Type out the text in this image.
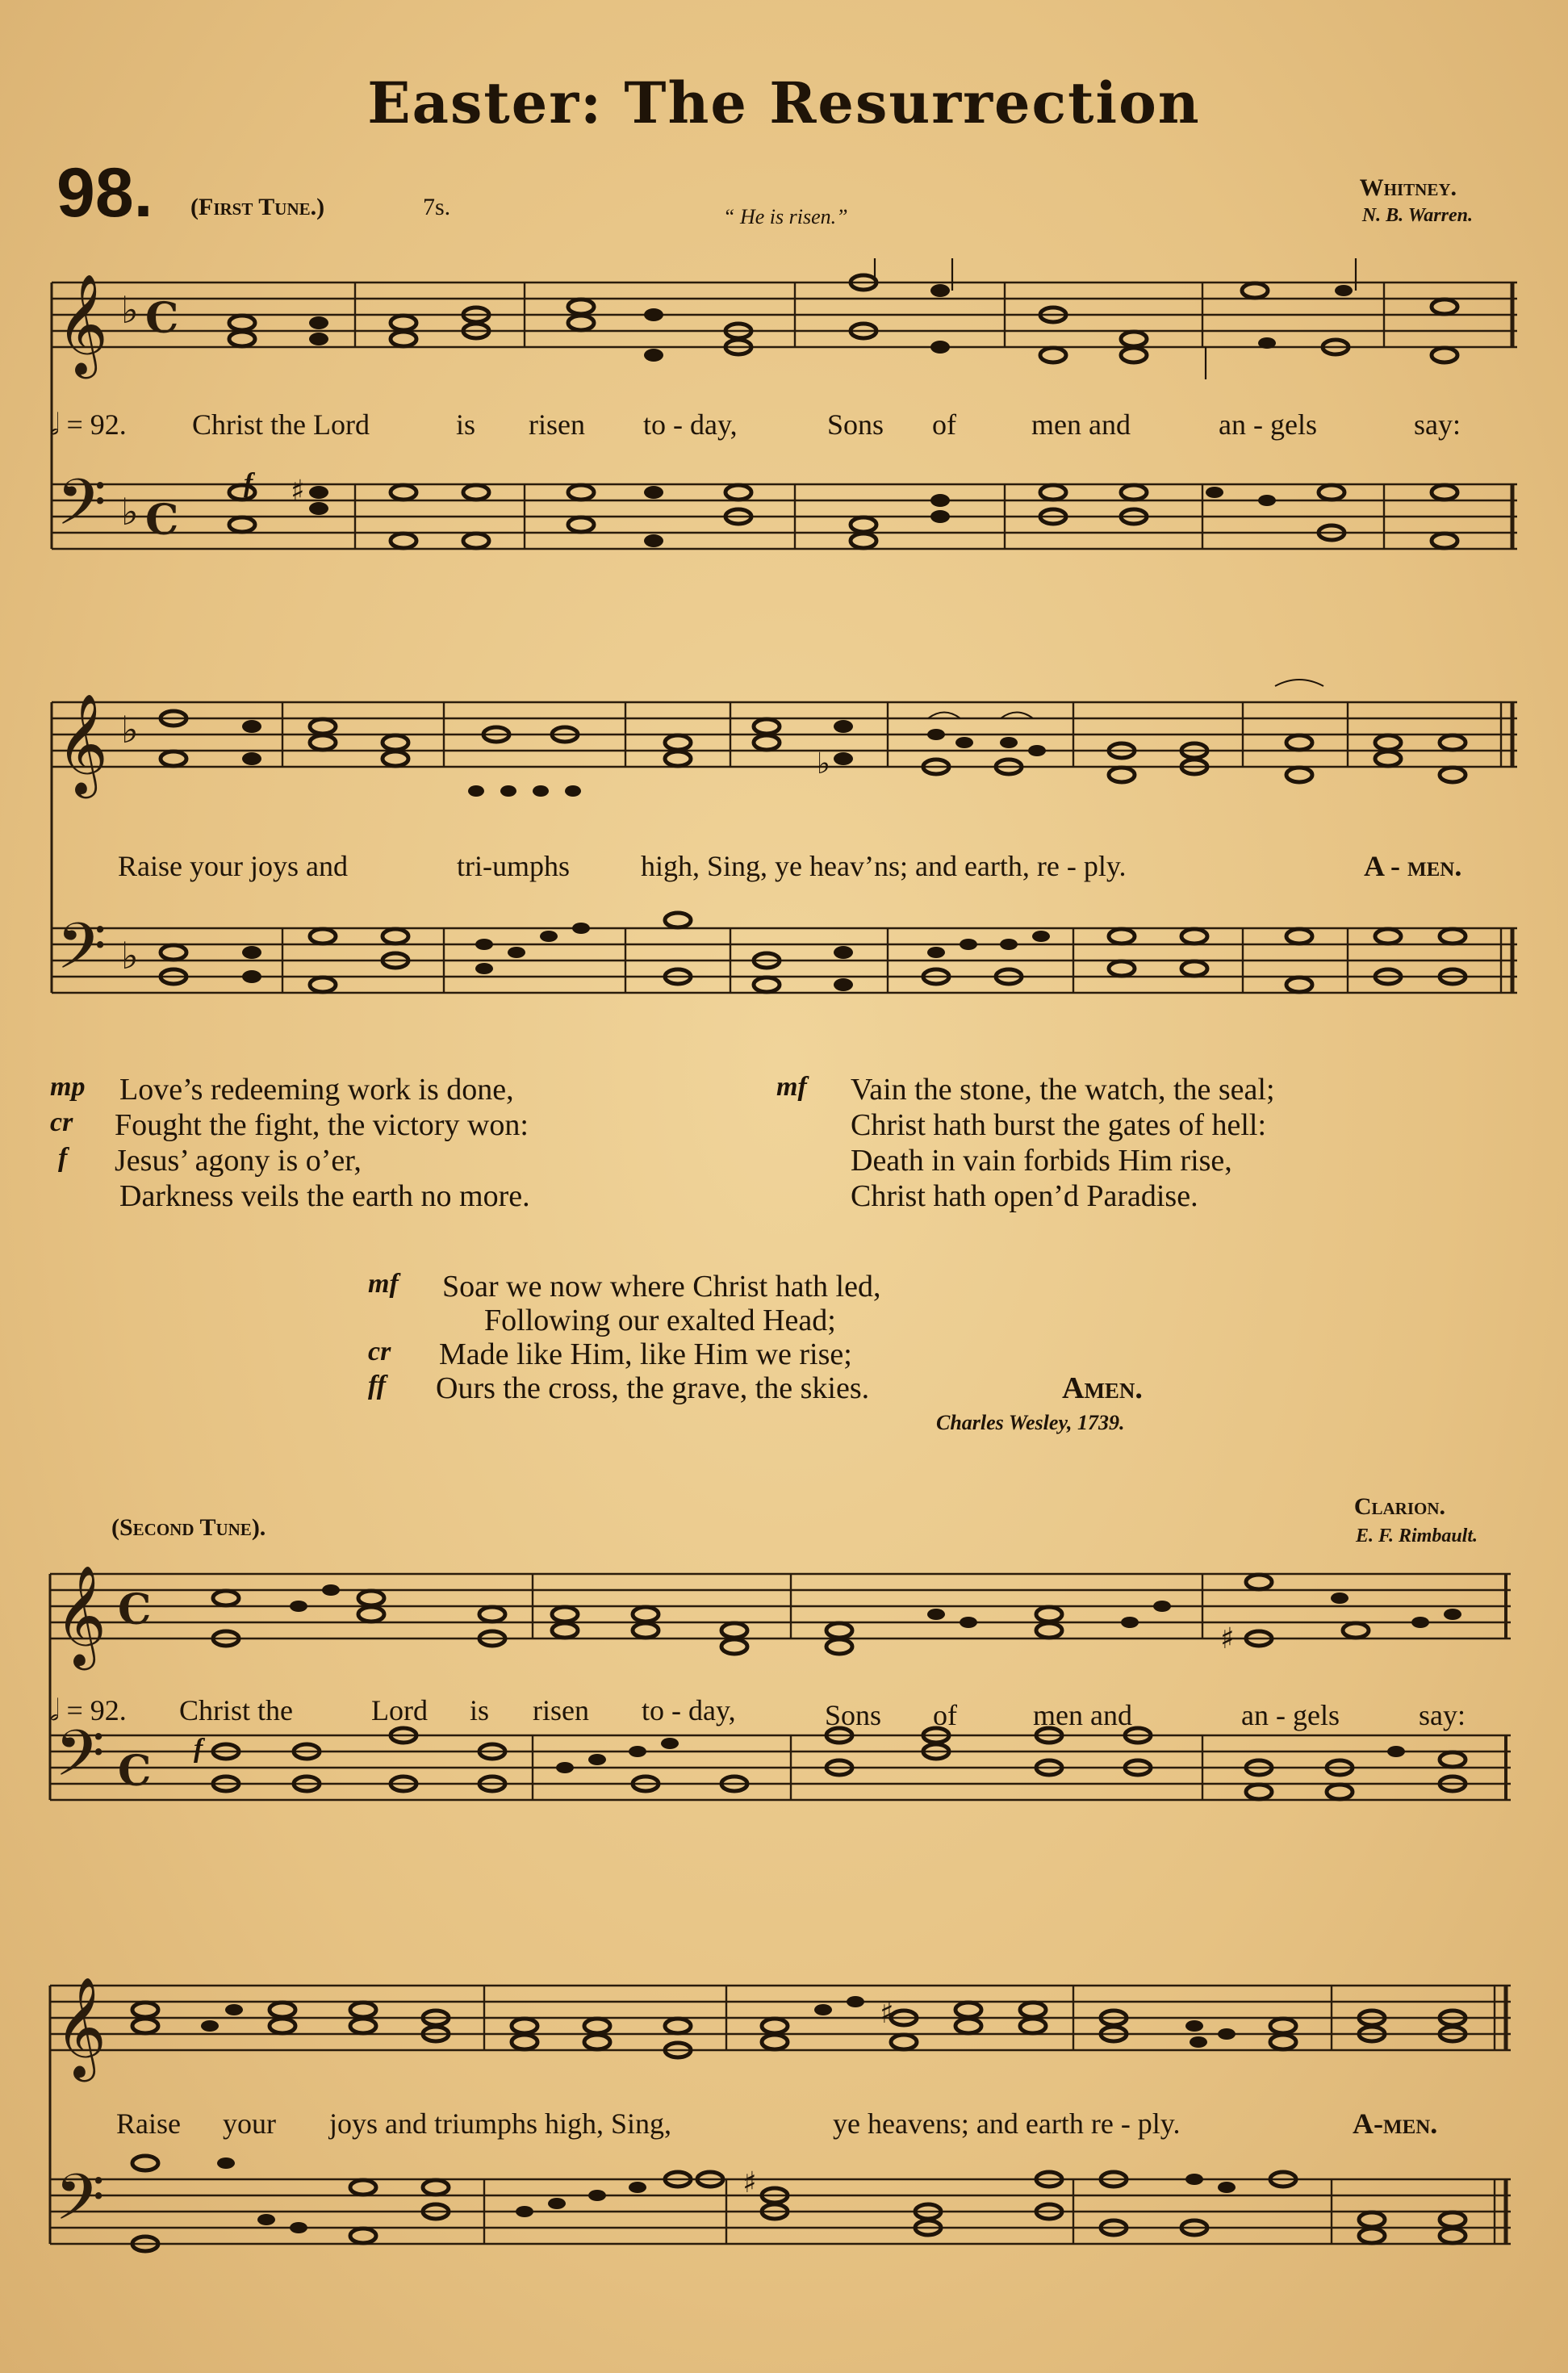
Easter: The Resurrection
98. (First Tune.)	7s.	“ He is risen.”
Whitney.
N. B. Warren.
𝄞
𝄢
♭
♭
C
C
♯
𝅗𝅥 = 92.
f
Christ the Lord	is risen to - day,	Sons of	men and	an - gels	say:
𝄞
𝄢
♭
♭
♭
Raise your joys and	tri-umphs high, Sing, ye heav’ns; and earth, re - ply.	A - men.
mp	Love’s redeeming work is done,
cr	Fought the fight, the victory won:
f	Jesus’ agony is o’er,
Darkness veils the earth no more.
mf	Vain the stone, the watch, the seal;
Christ hath burst the gates of hell:
Death in vain forbids Him rise,
Christ hath open’d Paradise.
mf	Soar we now where Christ hath led,
Following our exalted Head;
cr	Made like Him, like Him we rise;
ff	Ours the cross, the grave, the skies.	Amen.
Charles Wesley, 1739.
(Second Tune).
Clarion.
E. F. Rimbault.
𝄞
𝄢
C
C
♯
𝅗𝅥 = 92.
f
Christ the	Lord is risen to - day,	Sons of	men and	an - gels	say:
𝄞
𝄢
♯
♯
Raise your joys and triumphs high, Sing,	ye heavens; and earth re - ply.	A-men.
